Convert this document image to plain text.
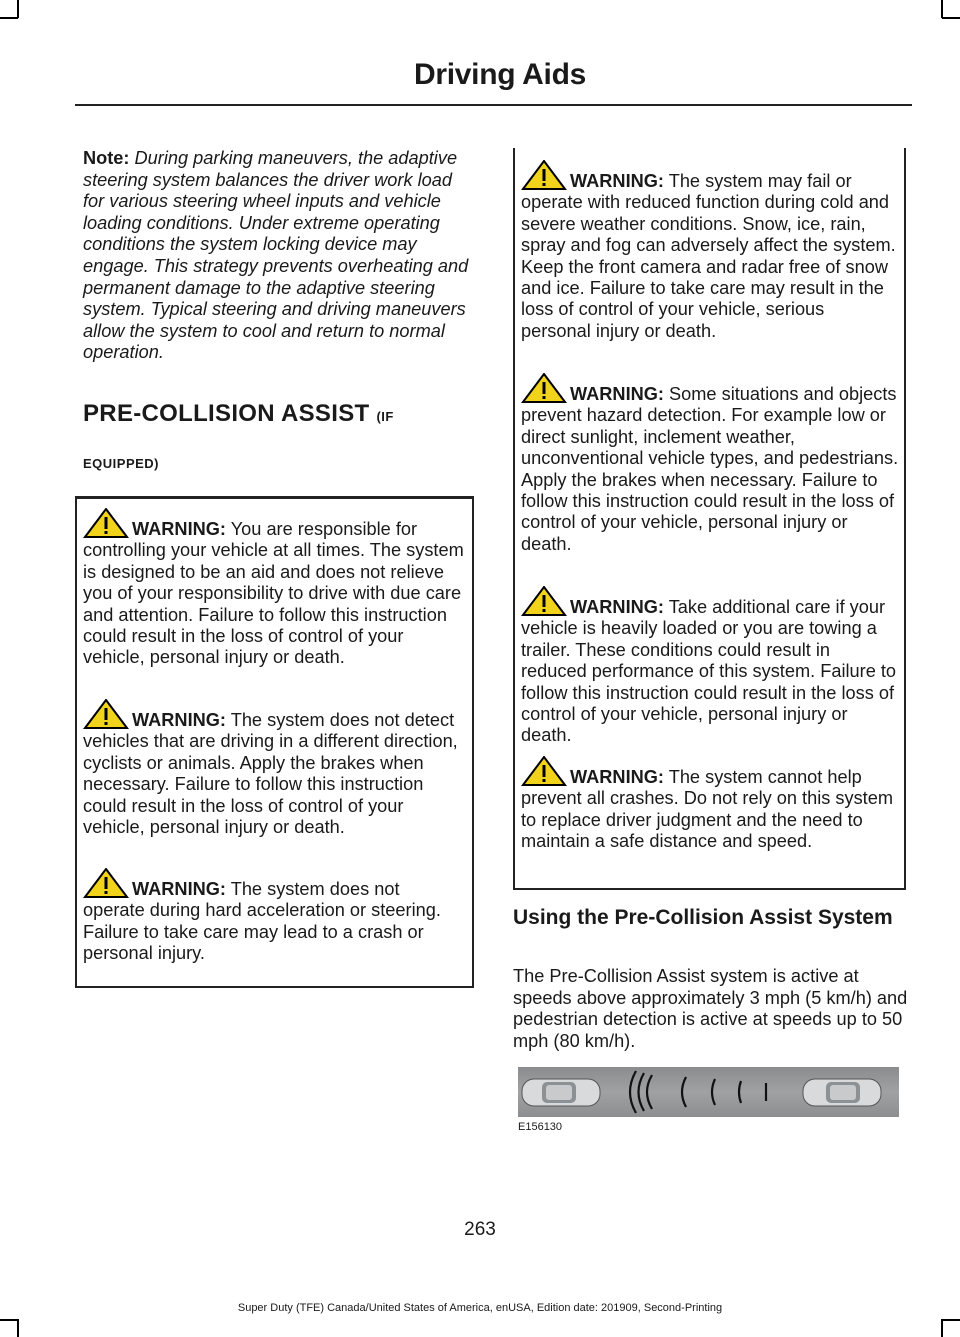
Driving Aids

Note: During parking maneuvers, the adaptive steering system balances the driver work load for various steering wheel inputs and vehicle loading conditions. Under extreme operating conditions the system locking device may engage. This strategy prevents overheating and permanent damage to the adaptive steering system. Typical steering and driving maneuvers allow the system to cool and return to normal operation.

PRE-COLLISION ASSIST (IF
EQUIPPED)
WARNING: You are responsible for controlling your vehicle at all times. The system is designed to be an aid and does not relieve you of your responsibility to drive with due care and attention. Failure to follow this instruction could result in the loss of control of your vehicle, personal injury or death.
WARNING: The system does not detect vehicles that are driving in a different direction, cyclists or animals. Apply the brakes when necessary. Failure to follow this instruction could result in the loss of control of your vehicle, personal injury or death.
WARNING: The system does not operate during hard acceleration or steering. Failure to take care may lead to a crash or personal injury.
WARNING: The system may fail or operate with reduced function during cold and severe weather conditions. Snow, ice, rain, spray and fog can adversely affect the system. Keep the front camera and radar free of snow and ice. Failure to take care may result in the loss of control of your vehicle, serious personal injury or death.
WARNING: Some situations and objects prevent hazard detection. For example low or direct sunlight, inclement weather, unconventional vehicle types, and pedestrians. Apply the brakes when necessary. Failure to follow this instruction could result in the loss of control of your vehicle, personal injury or death.
WARNING: Take additional care if your vehicle is heavily loaded or you are towing a trailer. These conditions could result in reduced performance of this system. Failure to follow this instruction could result in the loss of control of your vehicle, personal injury or death.
WARNING: The system cannot help prevent all crashes. Do not rely on this system to replace driver judgment and the need to maintain a safe distance and speed.
Using the Pre-Collision Assist System
The Pre-Collision Assist system is active at speeds above approximately 3 mph (5 km/h) and pedestrian detection is active at speeds up to 50 mph (80 km/h).
E156130
263
Super Duty (TFE) Canada/United States of America, enUSA, Edition date: 201909, Second-Printing
